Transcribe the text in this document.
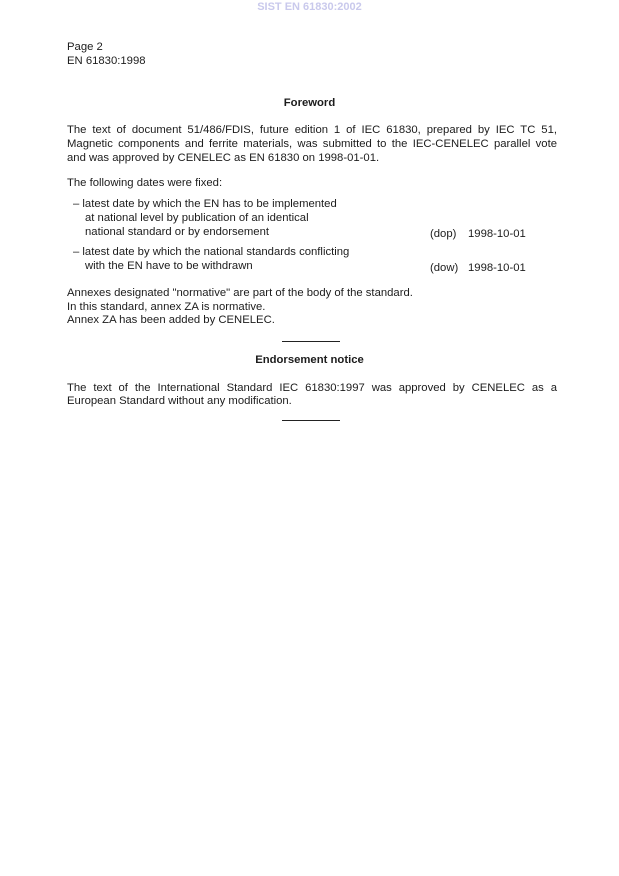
SIST EN 61830:2002
Page 2
EN 61830:1998
Foreword
The text of document 51/486/FDIS, future edition 1 of IEC 61830, prepared by IEC TC 51,
Magnetic components and ferrite materials, was submitted to the IEC-CENELEC parallel vote
and was approved by CENELEC as EN 61830 on 1998-01-01.
The following dates were fixed:
– latest date by which the EN has to be implemented
at national level by publication of an identical
national standard or by endorsement	(dop) 1998-10-01
– latest date by which the national standards conflicting
with the EN have to be withdrawn	(dow) 1998-10-01
Annexes designated "normative" are part of the body of the standard.
In this standard, annex ZA is normative.
Annex ZA has been added by CENELEC.
Endorsement notice
The text of the International Standard IEC 61830:1997 was approved by CENELEC as a
European Standard without any modification.
